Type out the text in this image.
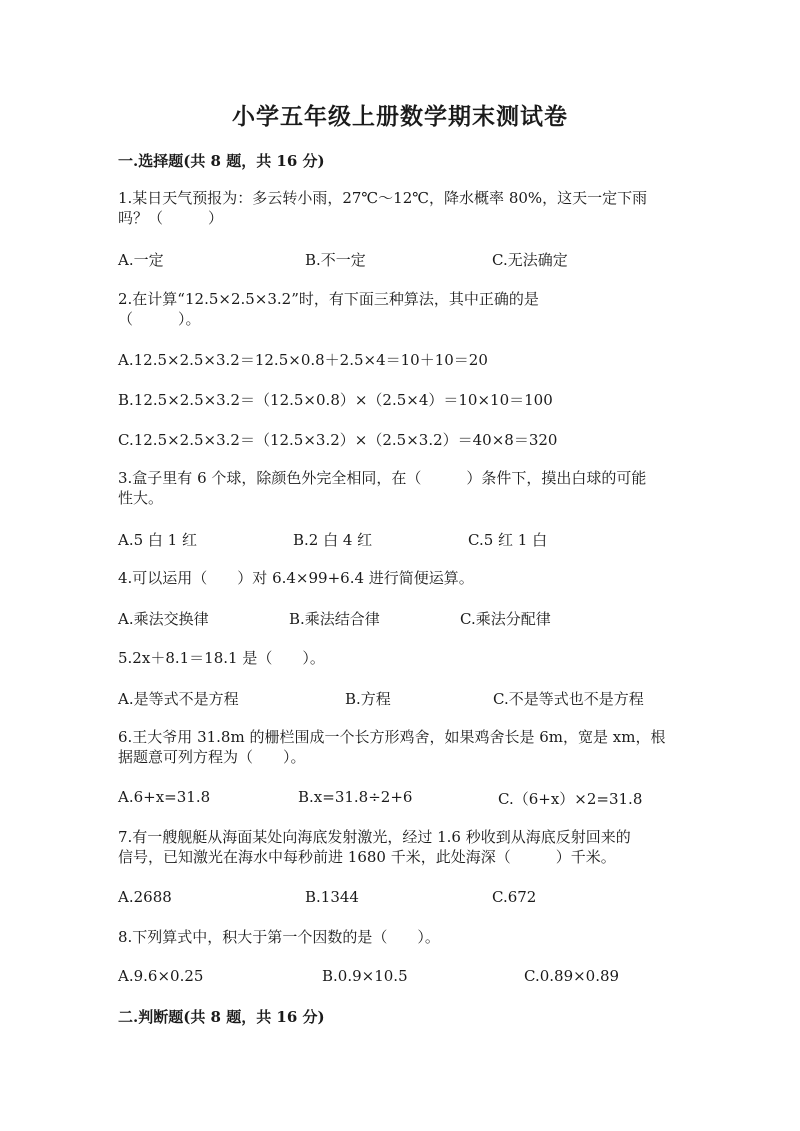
小学五年级上册数学期末测试卷
一.选择题(共 8 题，共 16 分)
1.某日天气预报为：多云转小雨，27℃～12℃，降水概率 80%，这天一定下雨
吗？（　　　）
A.一定	B.不一定	C.无法确定
2.在计算“12.5×2.5×3.2”时，有下面三种算法，其中正确的是
（　　　）。
A.12.5×2.5×3.2＝12.5×0.8＋2.5×4＝10＋10＝20
B.12.5×2.5×3.2＝（12.5×0.8）×（2.5×4）＝10×10＝100
C.12.5×2.5×3.2＝（12.5×3.2）×（2.5×3.2）＝40×8＝320
3.盒子里有 6 个球，除颜色外完全相同，在（　　　）条件下，摸出白球的可能
性大。
A.5 白 1 红	B.2 白 4 红	C.5 红 1 白
4.可以运用（　　）对 6.4×99+6.4 进行简便运算。
A.乘法交换律	B.乘法结合律	C.乘法分配律
5.2x＋8.1＝18.1 是（　　）。
A.是等式不是方程	B.方程	C.不是等式也不是方程
6.王大爷用 31.8m 的栅栏围成一个长方形鸡舍，如果鸡舍长是 6m，宽是 xm，根
据题意可列方程为（　　）。
A.6+x=31.8	B.x=31.8÷2+6	C.（6+x）×2=31.8
7.有一艘舰艇从海面某处向海底发射激光，经过 1.6 秒收到从海底反射回来的
信号，已知激光在海水中每秒前进 1680 千米，此处海深（　　　）千米。
A.2688	B.1344	C.672
8.下列算式中，积大于第一个因数的是（　　）。
A.9.6×0.25	B.0.9×10.5	C.0.89×0.89
二.判断题(共 8 题，共 16 分)
